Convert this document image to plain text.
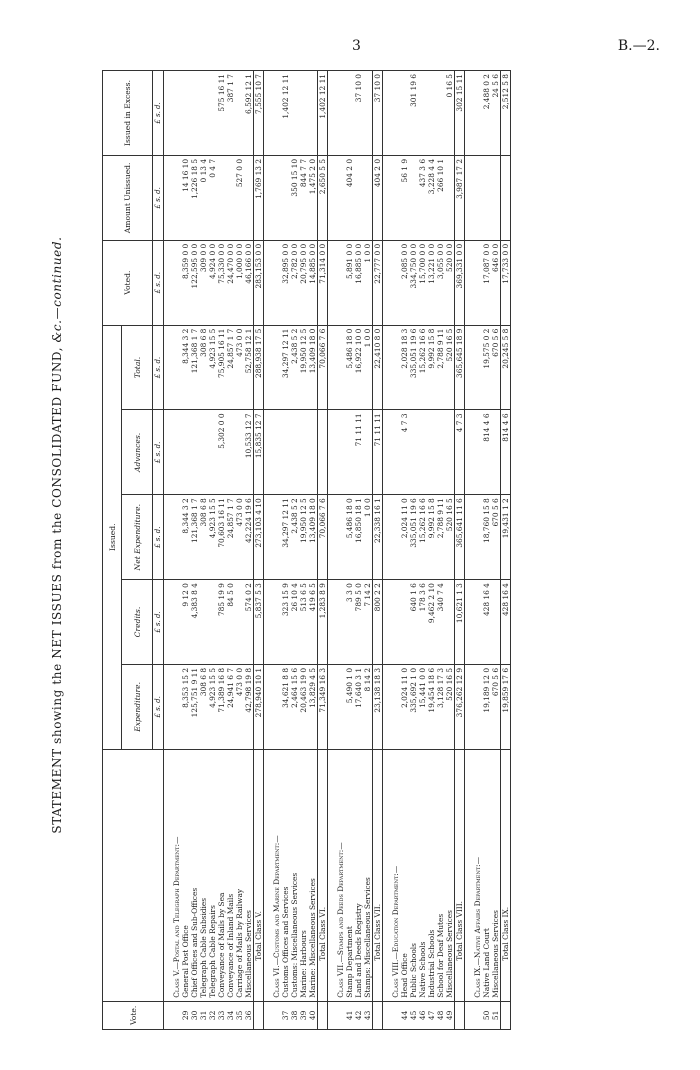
3	B.—2.
STATEMENT showing the NET ISSUES from the CONSOLIDATED FUND, &c.—continued.
Vote.		Issued.					Voted.	Amount Unissued.	Issued in Excess.
		Expenditure.	Credits.	Net Expenditure.	Advances.	Total.			
		£ s. d.	£ s. d.	£ s. d.	£ s. d.	£ s. d.	£ s. d.	£ s. d.	£ s. d.
	Class V.—Postal and Telegraph Department:—								
29	General Post Office	8,353 15 2	9 12 0	8,344 3 2		8,344 3 2	8,359 0 0	14 16 10	
30	Chief Offices and Sub-Offices	125,751 9 11	4,383 8 4	121,368 1 7		121,368 1 7	122,595 0 0	1,226 18 5	
31	Telegraph Cable Subsidies	308 6 8		308 6 8		308 6 8	309 0 0	0 13 4	
32	Telegraph Cable Repairs	4,923 15 5		4,923 15 5		4,923 15 5	4,924 0 0	0 4 7	
33	Conveyance of Mails by Sea	71,389 16 8	785 19 9	70,603 16 11	5,302 0 0	75,905 16 11	75,330 0 0		575 16 11
34	Conveyance of Inland Mails	24,941 6 7	84 5 0	24,857 1 7		24,857 1 7	24,470 0 0		387 1 7
35	Carriage of Mails by Railway	473 0 0		473 0 0		473 0 0	1,000 0 0	527 0 0	
36	Miscellaneous Services	42,798 19 8	574 0 2	42,224 19 6	10,533 12 7	52,758 12 1	46,166 0 0		6,592 12 1
	Total Class V.	278,940 10 1	5,837 5 3	273,103 4 10	15,835 12 7	288,938 17 5	283,153 0 0	1,769 13 2	7,555 10 7
	Class VI.—Customs and Marine Department:—								
37	Customs Offices and Services	34,621 8 8	323 15 9	34,297 12 11		34,297 12 11	32,895 0 0		1,402 12 11
38	Customs: Miscellaneous Services	2,464 15 6	26 10 4	2,438 5 2		2,438 5 2	2,782 0 0	350 15 10	
39	Marine: Harbours	20,463 19 0	513 6 5	19,950 12 5		19,950 12 5	20,795 0 0	844 7 7	
40	Marine: Miscellaneous Services	13,829 4 5	419 6 5	13,409 18 0		13,409 18 0	14,885 0 0	1,475 2 0	
	Total Class VI.	71,349 16 3	1,283 8 9	70,066 7 6		70,066 7 6	71,314 0 0	2,650 5 5	1,402 12 11
	Class VII.—Stamps and Deeds Department:—								
41	Stamp Department	5,490 1 0	3 3 0	5,486 18 0		5,486 18 0	5,891 0 0	404 2 0	
42	Land and Deeds Registry	17,640 3 1	789 5 0	16,850 18 1	71 11 11	16,922 10 0	16,885 0 0		37 10 0
43	Stamps: Miscellaneous Services	8 14 2	7 14 2	1 0 0		1 0 0	1 0 0		
	Total Class VII.	23,138 18 3	800 2 2	22,338 16 1	71 11 11	22,410 8 0	22,777 0 0	404 2 0	37 10 0
	Class VIII.—Education Department:—								
44	Head Office	2,024 11 0		2,024 11 0	4 7 3	2,028 18 3	2,085 0 0	56 1 9	
45	Public Schools	335,692 1 0	640 1 6	335,051 19 6		335,051 19 6	334,750 0 0		301 19 6
46	Native Schools	15,441 0 0	178 3 6	15,262 16 6		15,262 16 6	15,700 0 0	437 3 6	
47	Industrial Schools	19,454 18 6	9,462 2 10	9,992 15 8		9,992 15 8	13,221 0 0	3,228 4 4	
48	School for Deaf Mutes	3,128 17 3	340 7 4	2,788 9 11		2,788 9 11	3,055 0 0	266 10 1	
49	Miscellaneous Services	520 16 5		520 16 5		520 16 5	520 0 0		0 16 5
	Total Class VIII.	376,262 12 9	10,621 1 3	365,641 11 6	4 7 3	365,645 18 9	369,331 0 0	3,987 17 2	302 15 11
	Class IX.—Native Affairs Department:—								
50	Native Land Court	19,189 12 0	428 16 4	18,760 15 8	814 4 6	19,575 0 2	17,087 0 0		2,488 0 2
51	Miscellaneous Services	670 5 6		670 5 6		670 5 6	646 0 0		24 5 6
	Total Class IX.	19,859 17 6	428 16 4	19,431 1 2	814 4 6	20,245 5 8	17,733 0 0		2,512 5 8
